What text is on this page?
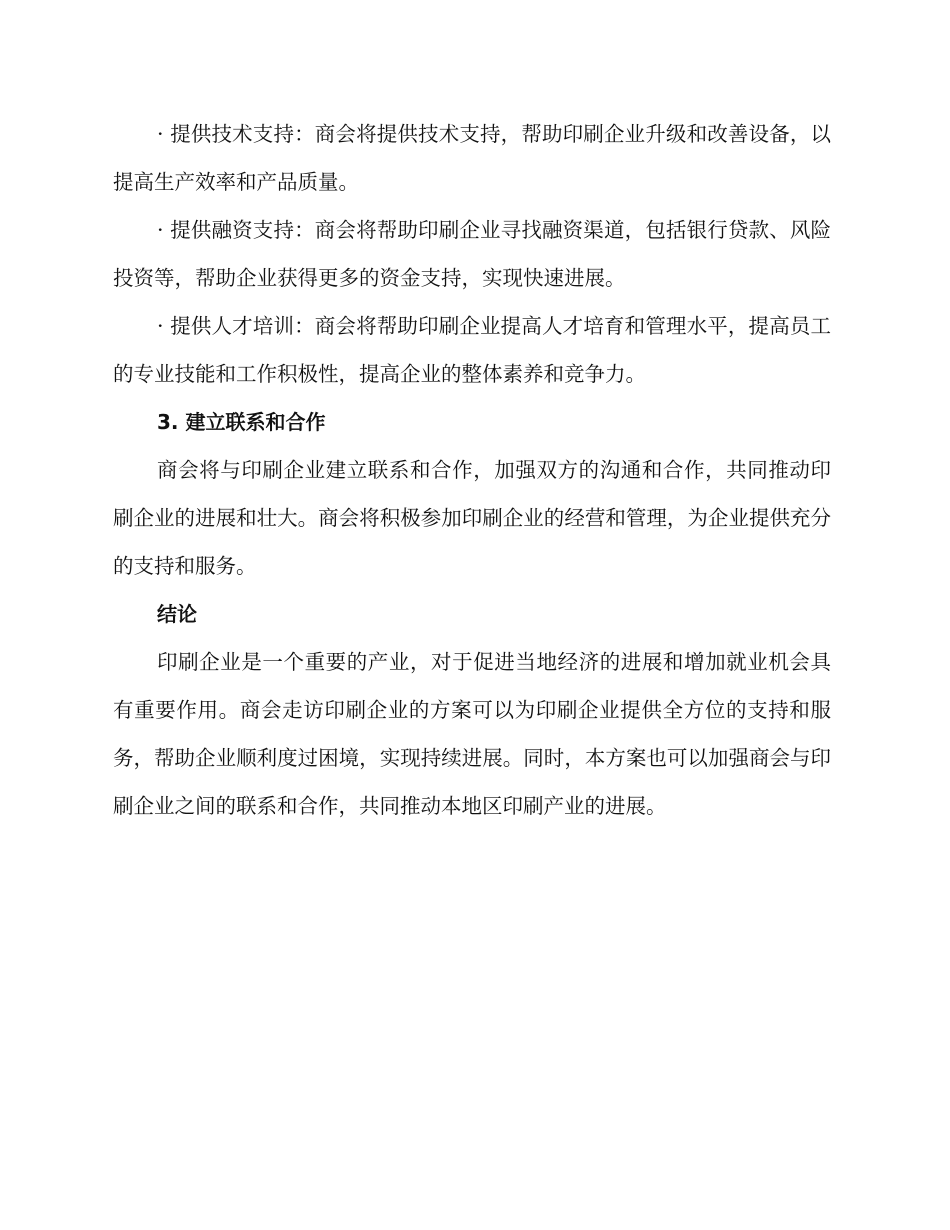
· 提供技术支持：商会将提供技术支持，帮助印刷企业升级和改善设备，以提高生产效率和产品质量。

· 提供融资支持：商会将帮助印刷企业寻找融资渠道，包括银行贷款、风险投资等，帮助企业获得更多的资金支持，实现快速进展。

· 提供人才培训：商会将帮助印刷企业提高人才培育和管理水平，提高员工的专业技能和工作积极性，提高企业的整体素养和竞争力。

3. 建立联系和合作

商会将与印刷企业建立联系和合作，加强双方的沟通和合作，共同推动印刷企业的进展和壮大。商会将积极参加印刷企业的经营和管理，为企业提供充分的支持和服务。

结论

印刷企业是一个重要的产业，对于促进当地经济的进展和增加就业机会具有重要作用。商会走访印刷企业的方案可以为印刷企业提供全方位的支持和服务，帮助企业顺利度过困境，实现持续进展。同时，本方案也可以加强商会与印刷企业之间的联系和合作，共同推动本地区印刷产业的进展。
